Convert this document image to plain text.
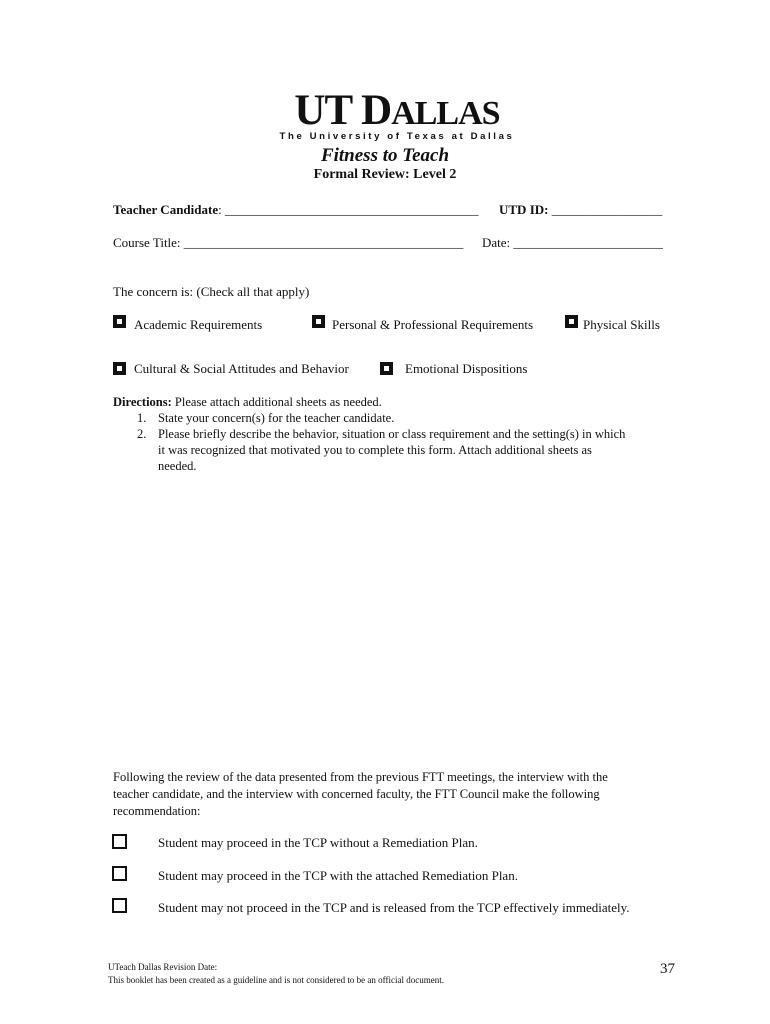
UT DALLAS
The University of Texas at Dallas
Fitness to Teach
Formal Review: Level 2
Teacher Candidate: _______________________________________ UTD ID: _________________
Course Title: ___________________________________________ Date: _______________________
The concern is: (Check all that apply)
Academic Requirements	Personal & Professional Requirements	Physical Skills
Cultural & Social Attitudes and Behavior	Emotional Dispositions
Directions: Please attach additional sheets as needed.
1. State your concern(s) for the teacher candidate.
2. Please briefly describe the behavior, situation or class requirement and the setting(s) in which
it was recognized that motivated you to complete this form. Attach additional sheets as
needed.
Following the review of the data presented from the previous FTT meetings, the interview with the
teacher candidate, and the interview with concerned faculty, the FTT Council make the following
recommendation:
Student may proceed in the TCP without a Remediation Plan.
Student may proceed in the TCP with the attached Remediation Plan.
Student may not proceed in the TCP and is released from the TCP effectively immediately.
UTeach Dallas Revision Date:
This booklet has been created as a guideline and is not considered to be an official document.
37
